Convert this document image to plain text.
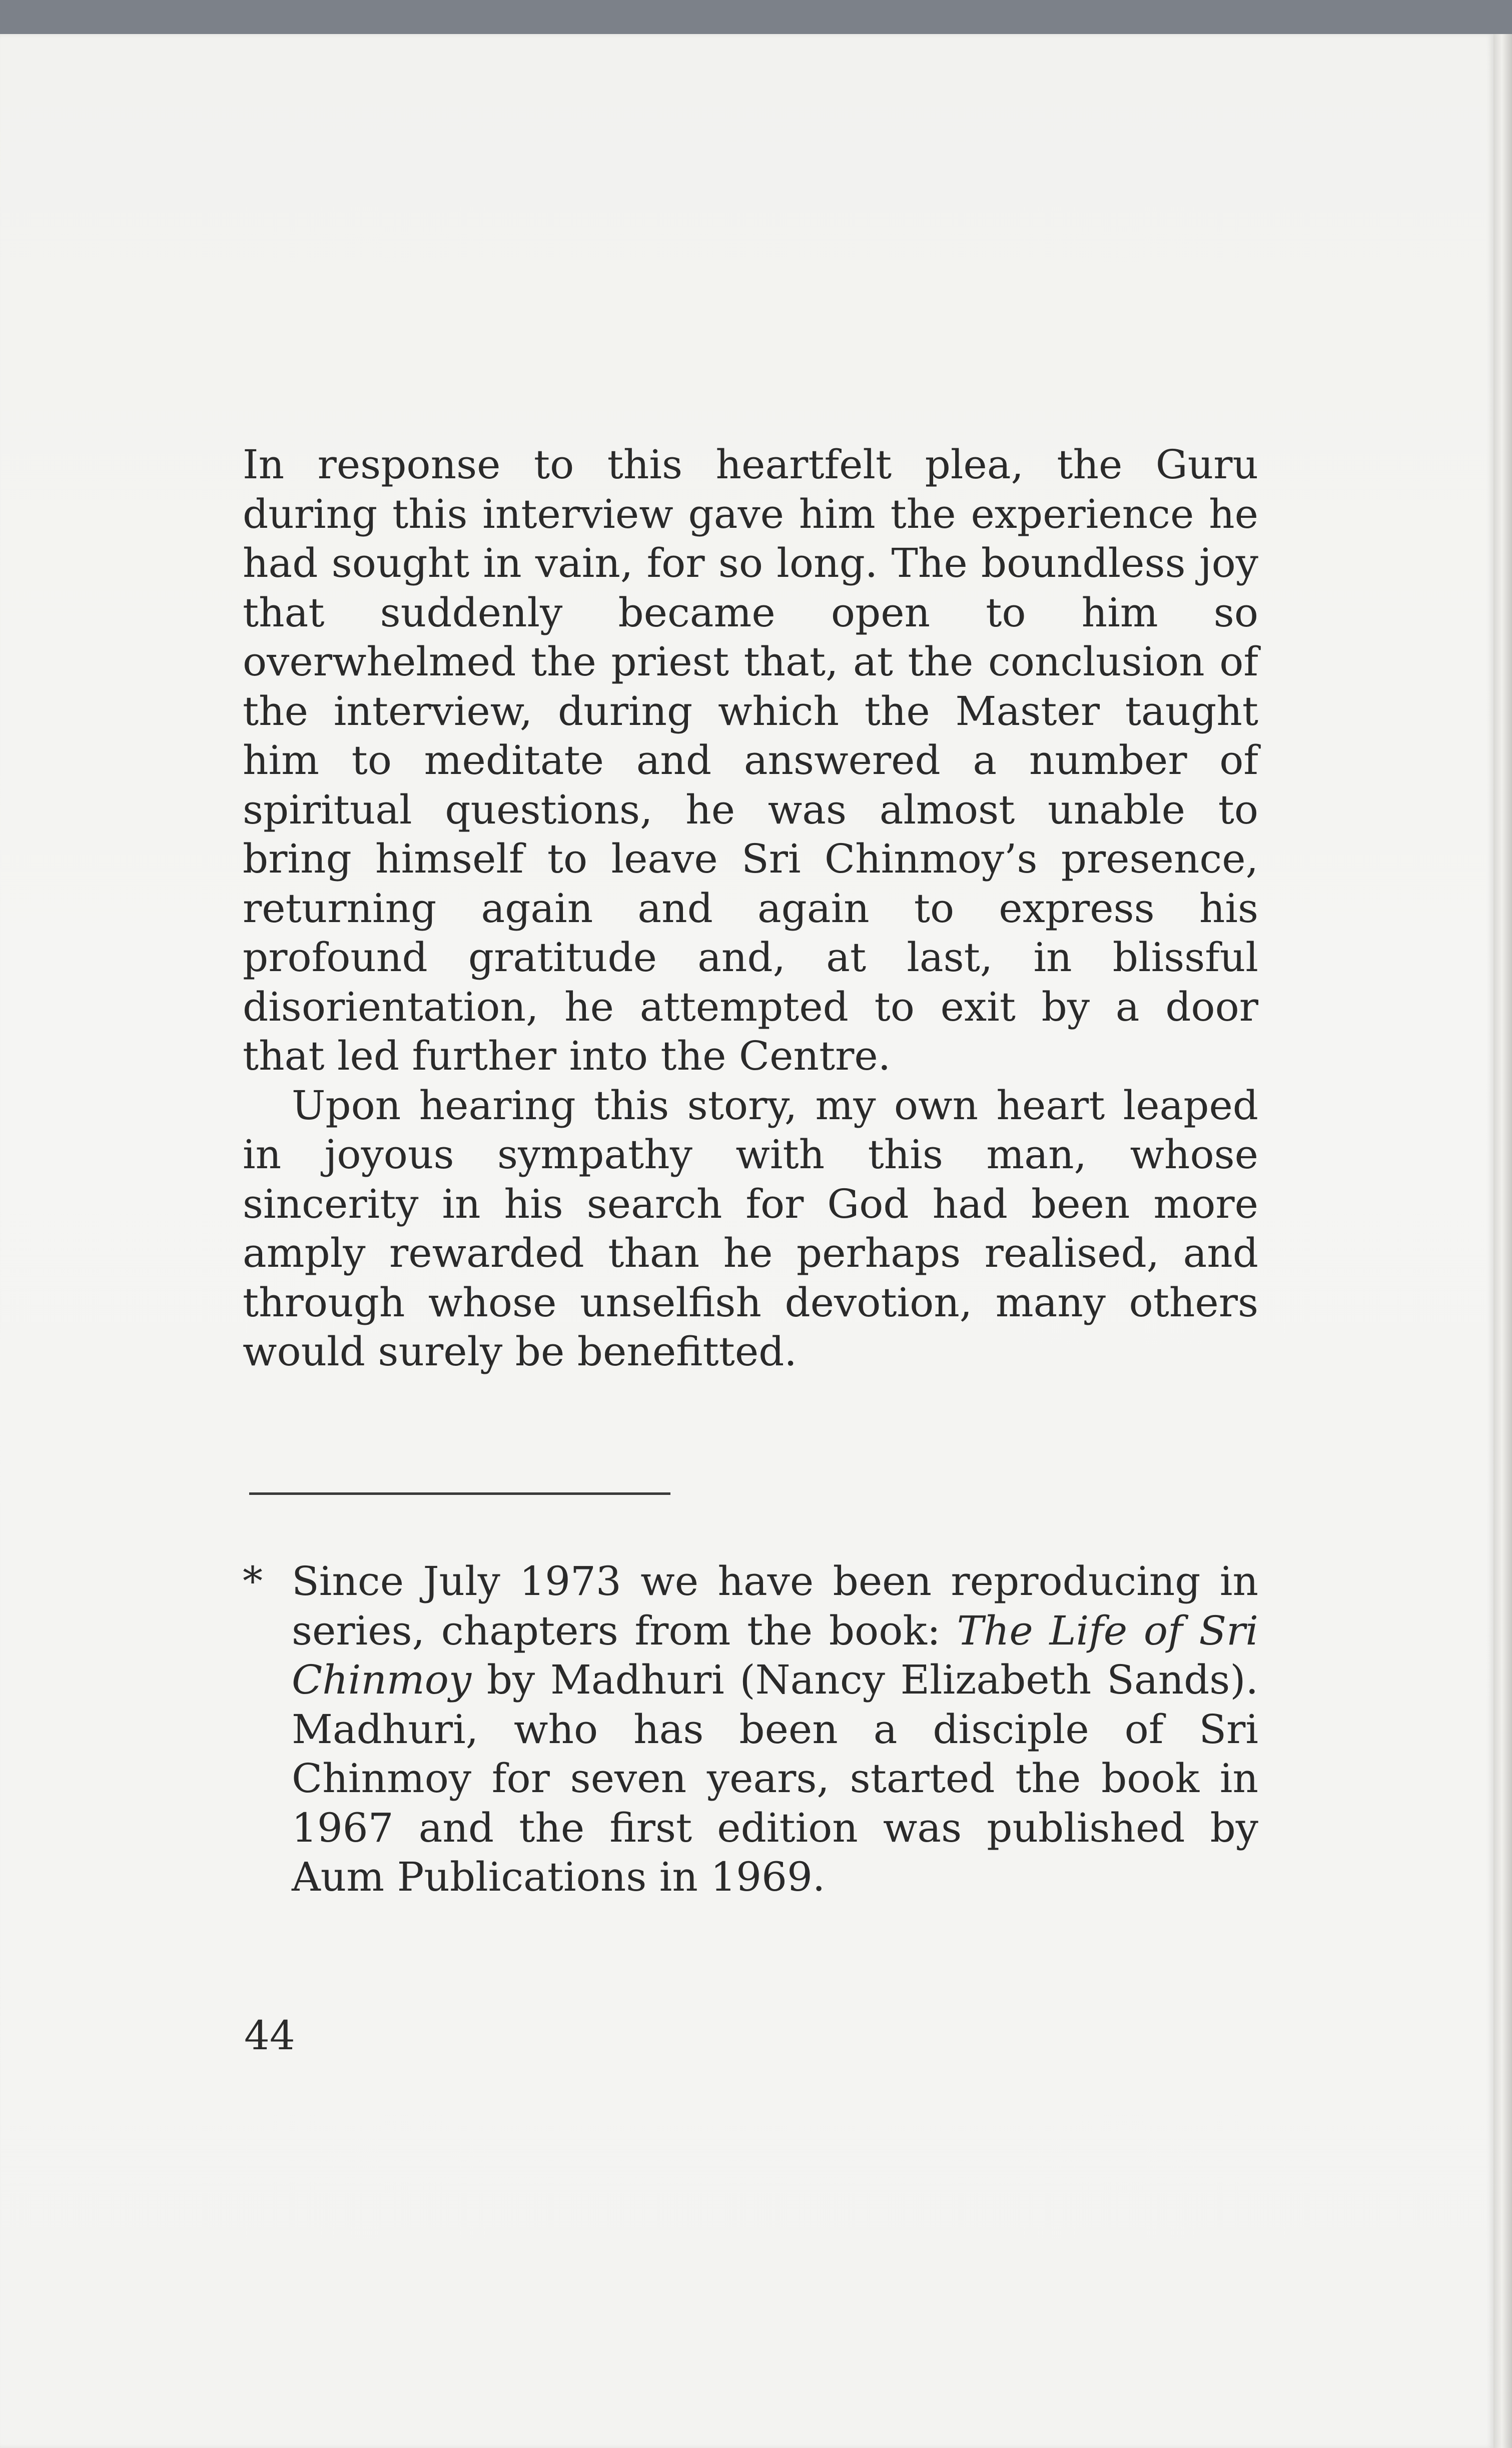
In response to this heartfelt plea, the Guru during this interview gave him the experience he had sought in vain, for so long. The boundless joy that suddenly became open to him so overwhelmed the priest that, at the conclusion of the interview, during which the Master taught him to meditate and answered a number of spiritual questions, he was almost unable to bring himself to leave Sri Chinmoy’s presence, returning again and again to express his profound gratitude and, at last, in blissful disorientation, he attempted to exit by a door that led further into the Centre.

Upon hearing this story, my own heart leaped in joyous sympathy with this man, whose sincerity in his search for God had been more amply rewarded than he perhaps realised, and through whose unselfish devotion, many others would surely be benefitted.

* Since July 1973 we have been reproducing in series, chapters from the book: The Life of Sri Chinmoy by Madhuri (Nancy Elizabeth Sands). Madhuri, who has been a disciple of Sri Chinmoy for seven years, started the book in 1967 and the first edition was published by Aum Publications in 1969.
44
